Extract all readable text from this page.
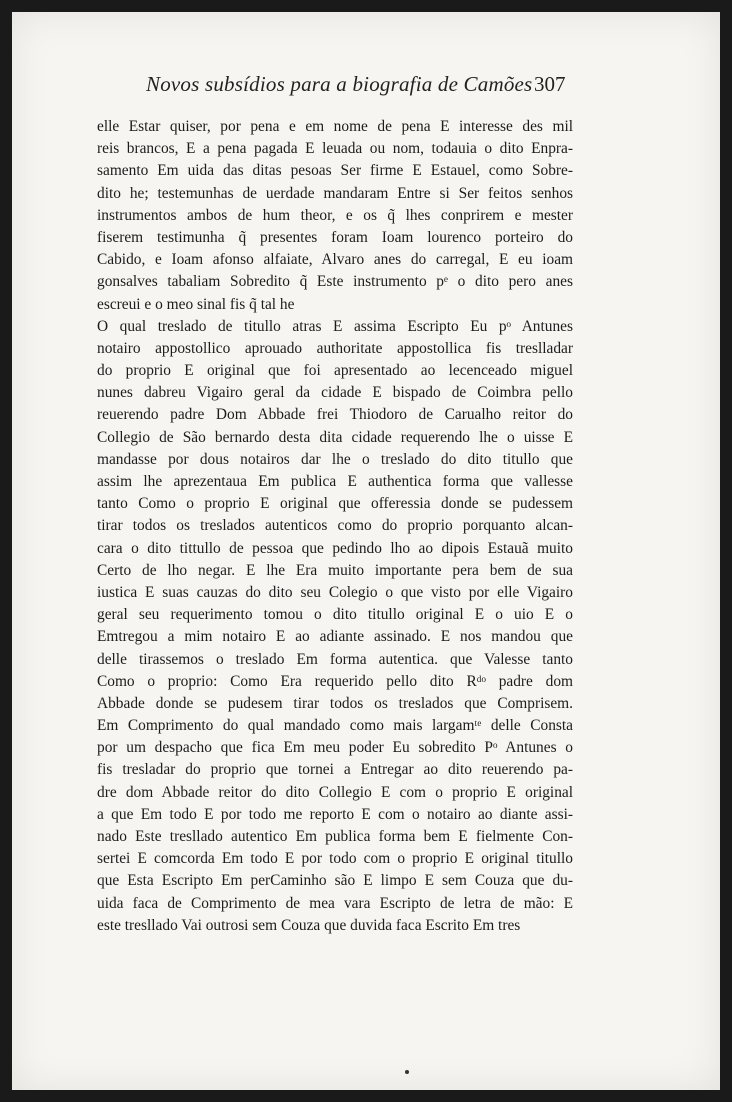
Novos subsídios para a biografia de Camões 307
elle Estar quiser, por pena e em nome de pena E interesse des mil
reis brancos, E a pena pagada E leuada ou nom, todauia o dito Enpra-
samento Em uida das ditas pesoas Ser firme E Estauel, como Sobre-
dito he; testemunhas de uerdade mandaram Entre si Ser feitos senhos
instrumentos ambos de hum theor, e os q̃ lhes conprirem e mester
fiserem testimunha q̃ presentes foram Ioam lourenco porteiro do
Cabido, e Ioam afonso alfaiate, Alvaro anes do carregal, E eu ioam
gonsalves tabaliam Sobredito q̃ Este instrumento pᵉ o dito pero anes
escreui e o meo sinal fis q̃ tal he
O qual treslado de titullo atras E assima Escripto Eu pᵒ Antunes
notairo appostollico aprouado authoritate appostollica fis treslladar
do proprio E original que foi apresentado ao lecenceado miguel
nunes dabreu Vigairo geral da cidade E bispado de Coimbra pello
reuerendo padre Dom Abbade frei Thiodoro de Carualho reitor do
Collegio de São bernardo desta dita cidade requerendo lhe o uisse E
mandasse por dous notairos dar lhe o treslado do dito titullo que
assim lhe aprezentaua Em publica E authentica forma que vallesse
tanto Como o proprio E original que offeressia donde se pudessem
tirar todos os treslados autenticos como do proprio porquanto alcan-
cara o dito tittullo de pessoa que pedindo lho ao dipois Estauã muito
Certo de lho negar. E lhe Era muito importante pera bem de sua
iustica E suas cauzas do dito seu Colegio o que visto por elle Vigairo
geral seu requerimento tomou o dito titullo original E o uio E o
Emtregou a mim notairo E ao adiante assinado. E nos mandou que
delle tirassemos o treslado Em forma autentica. que Valesse tanto
Como o proprio: Como Era requerido pello dito Rᵈᵒ padre dom
Abbade donde se pudesem tirar todos os treslados que Comprisem.
Em Comprimento do qual mandado como mais largamᵗᵉ delle Consta
por um despacho que fica Em meu poder Eu sobredito Pᵒ Antunes o
fis tresladar do proprio que tornei a Entregar ao dito reuerendo pa-
dre dom Abbade reitor do dito Collegio E com o proprio E original
a que Em todo E por todo me reporto E com o notairo ao diante assi-
nado Este tresllado autentico Em publica forma bem E fielmente Con-
sertei E comcorda Em todo E por todo com o proprio E original titullo
que Esta Escripto Em perCaminho são E limpo E sem Couza que du-
uida faca de Comprimento de mea vara Escripto de letra de mão: E
este tresllado Vai outrosi sem Couza que duvida faca Escrito Em tres
